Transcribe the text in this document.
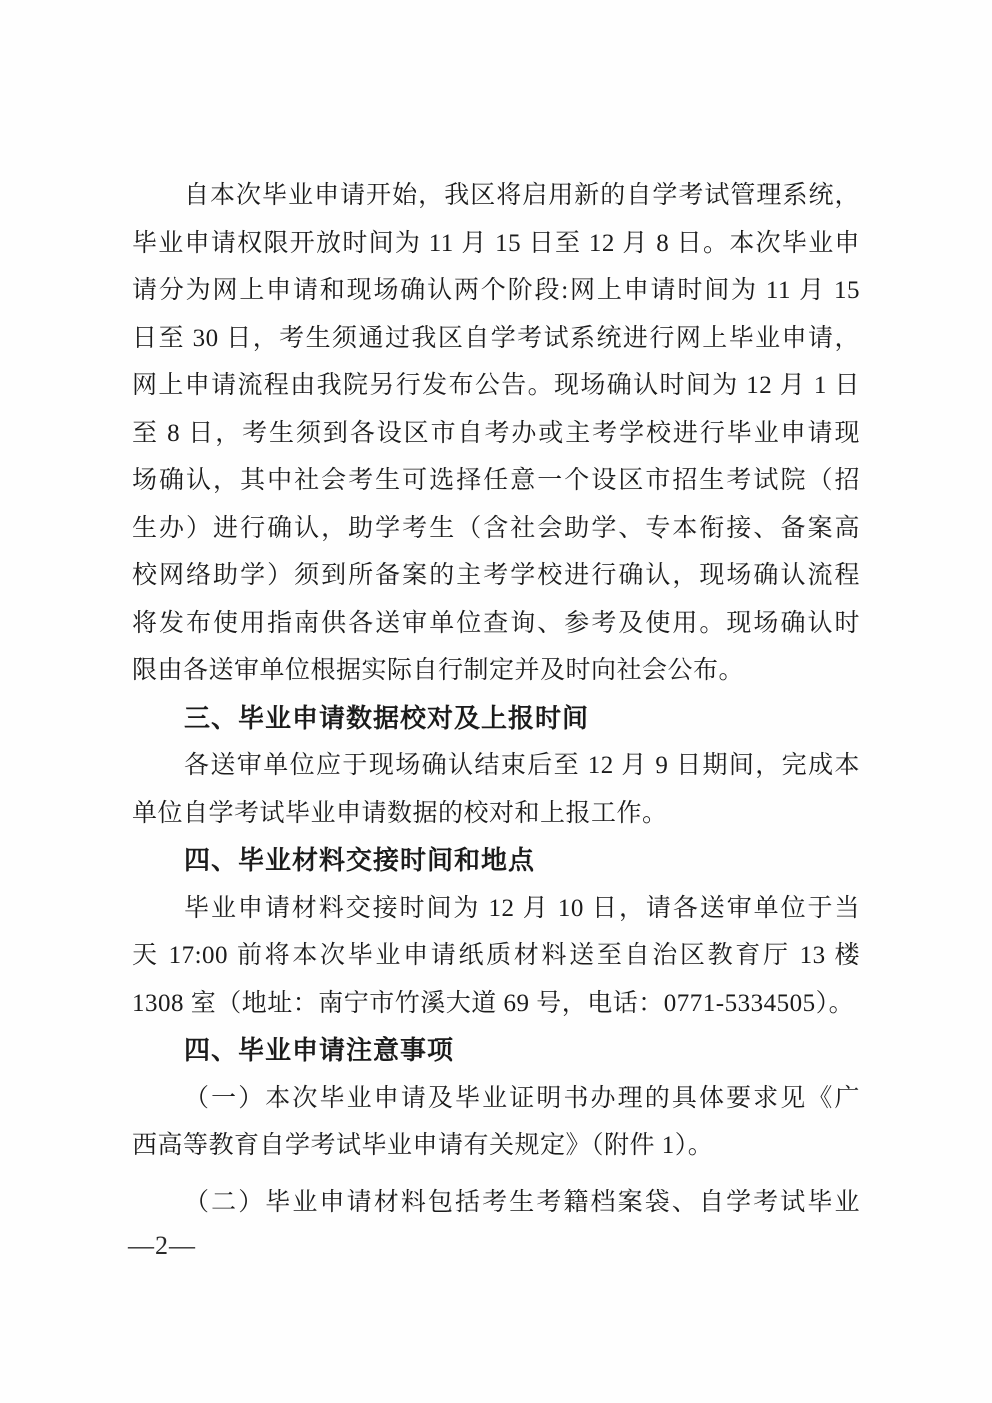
自本次毕业申请开始，我区将启用新的自学考试管理系统，
毕业申请权限开放时间为 11 月 15 日至 12 月 8 日。本次毕业申
请分为网上申请和现场确认两个阶段:网上申请时间为 11 月 15
日至 30 日，考生须通过我区自学考试系统进行网上毕业申请，
网上申请流程由我院另行发布公告。现场确认时间为 12 月 1 日
至 8 日，考生须到各设区市自考办或主考学校进行毕业申请现
场确认，其中社会考生可选择任意一个设区市招生考试院（招
生办）进行确认，助学考生（含社会助学、专本衔接、备案高
校网络助学）须到所备案的主考学校进行确认，现场确认流程
将发布使用指南供各送审单位查询、参考及使用。现场确认时
限由各送审单位根据实际自行制定并及时向社会公布。
三、毕业申请数据校对及上报时间
各送审单位应于现场确认结束后至 12 月 9 日期间，完成本
单位自学考试毕业申请数据的校对和上报工作。
四、毕业材料交接时间和地点
毕业申请材料交接时间为 12 月 10 日，请各送审单位于当
天 17:00 前将本次毕业申请纸质材料送至自治区教育厅 13 楼
1308 室（地址：南宁市竹溪大道 69 号，电话：0771-5334505）。
四、毕业申请注意事项
（一）本次毕业申请及毕业证明书办理的具体要求见《广
西高等教育自学考试毕业申请有关规定》（附件 1）。
（二）毕业申请材料包括考生考籍档案袋、自学考试毕业
—2—
